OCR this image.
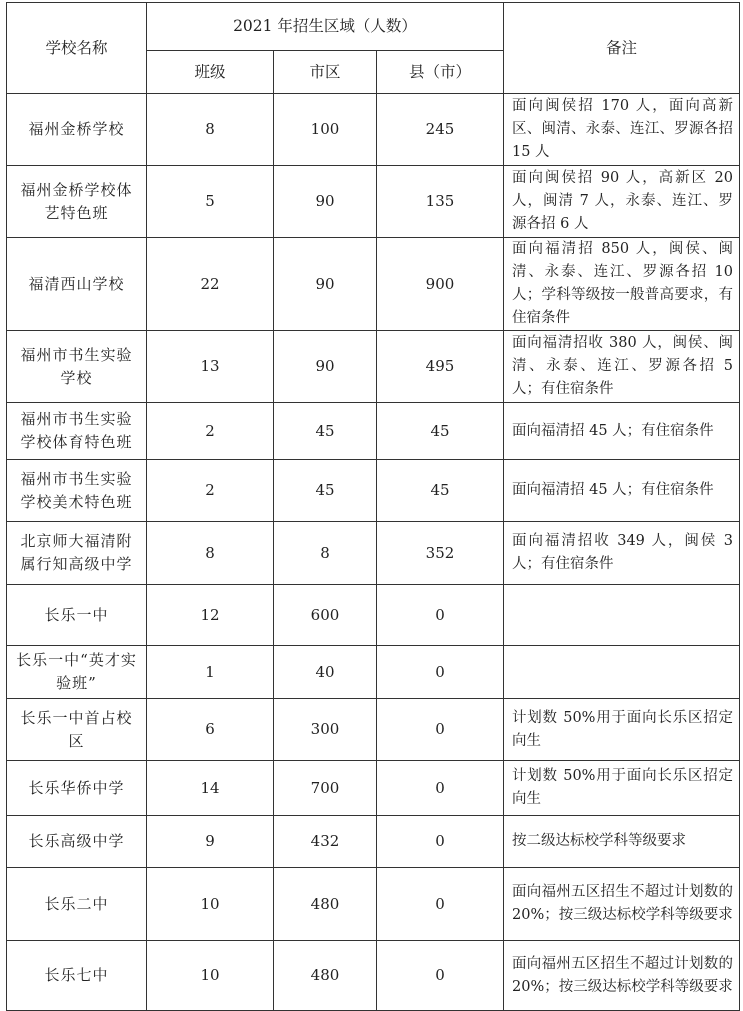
学校名称	2021 年招生区域（人数）			备注
	班级	市区	县（市）	
福州金桥学校	8	100	245	面向闽侯招 170 人，面向高新区、闽清、永泰、连江、罗源各招 15 人
福州金桥学校体艺特色班	5	90	135	面向闽侯招 90 人，高新区 20 人，闽清 7 人，永泰、连江、罗源各招 6 人
福清西山学校	22	90	900	面向福清招 850 人，闽侯、闽清、永泰、连江、罗源各招 10 人；学科等级按一般普高要求，有住宿条件
福州市书生实验学校	13	90	495	面向福清招收 380 人，闽侯、闽清、永泰、连江、罗源各招 5 人；有住宿条件
福州市书生实验学校体育特色班	2	45	45	面向福清招 45 人；有住宿条件
福州市书生实验学校美术特色班	2	45	45	面向福清招 45 人；有住宿条件
北京师大福清附属行知高级中学	8	8	352	面向福清招收 349 人，闽侯 3 人；有住宿条件
长乐一中	12	600	0	
长乐一中“英才实验班”	1	40	0	
长乐一中首占校区	6	300	0	计划数 50%用于面向长乐区招定向生
长乐华侨中学	14	700	0	计划数 50%用于面向长乐区招定向生
长乐高级中学	9	432	0	按二级达标校学科等级要求
长乐二中	10	480	0	面向福州五区招生不超过计划数的 20%；按三级达标校学科等级要求
长乐七中	10	480	0	面向福州五区招生不超过计划数的 20%；按三级达标校学科等级要求
